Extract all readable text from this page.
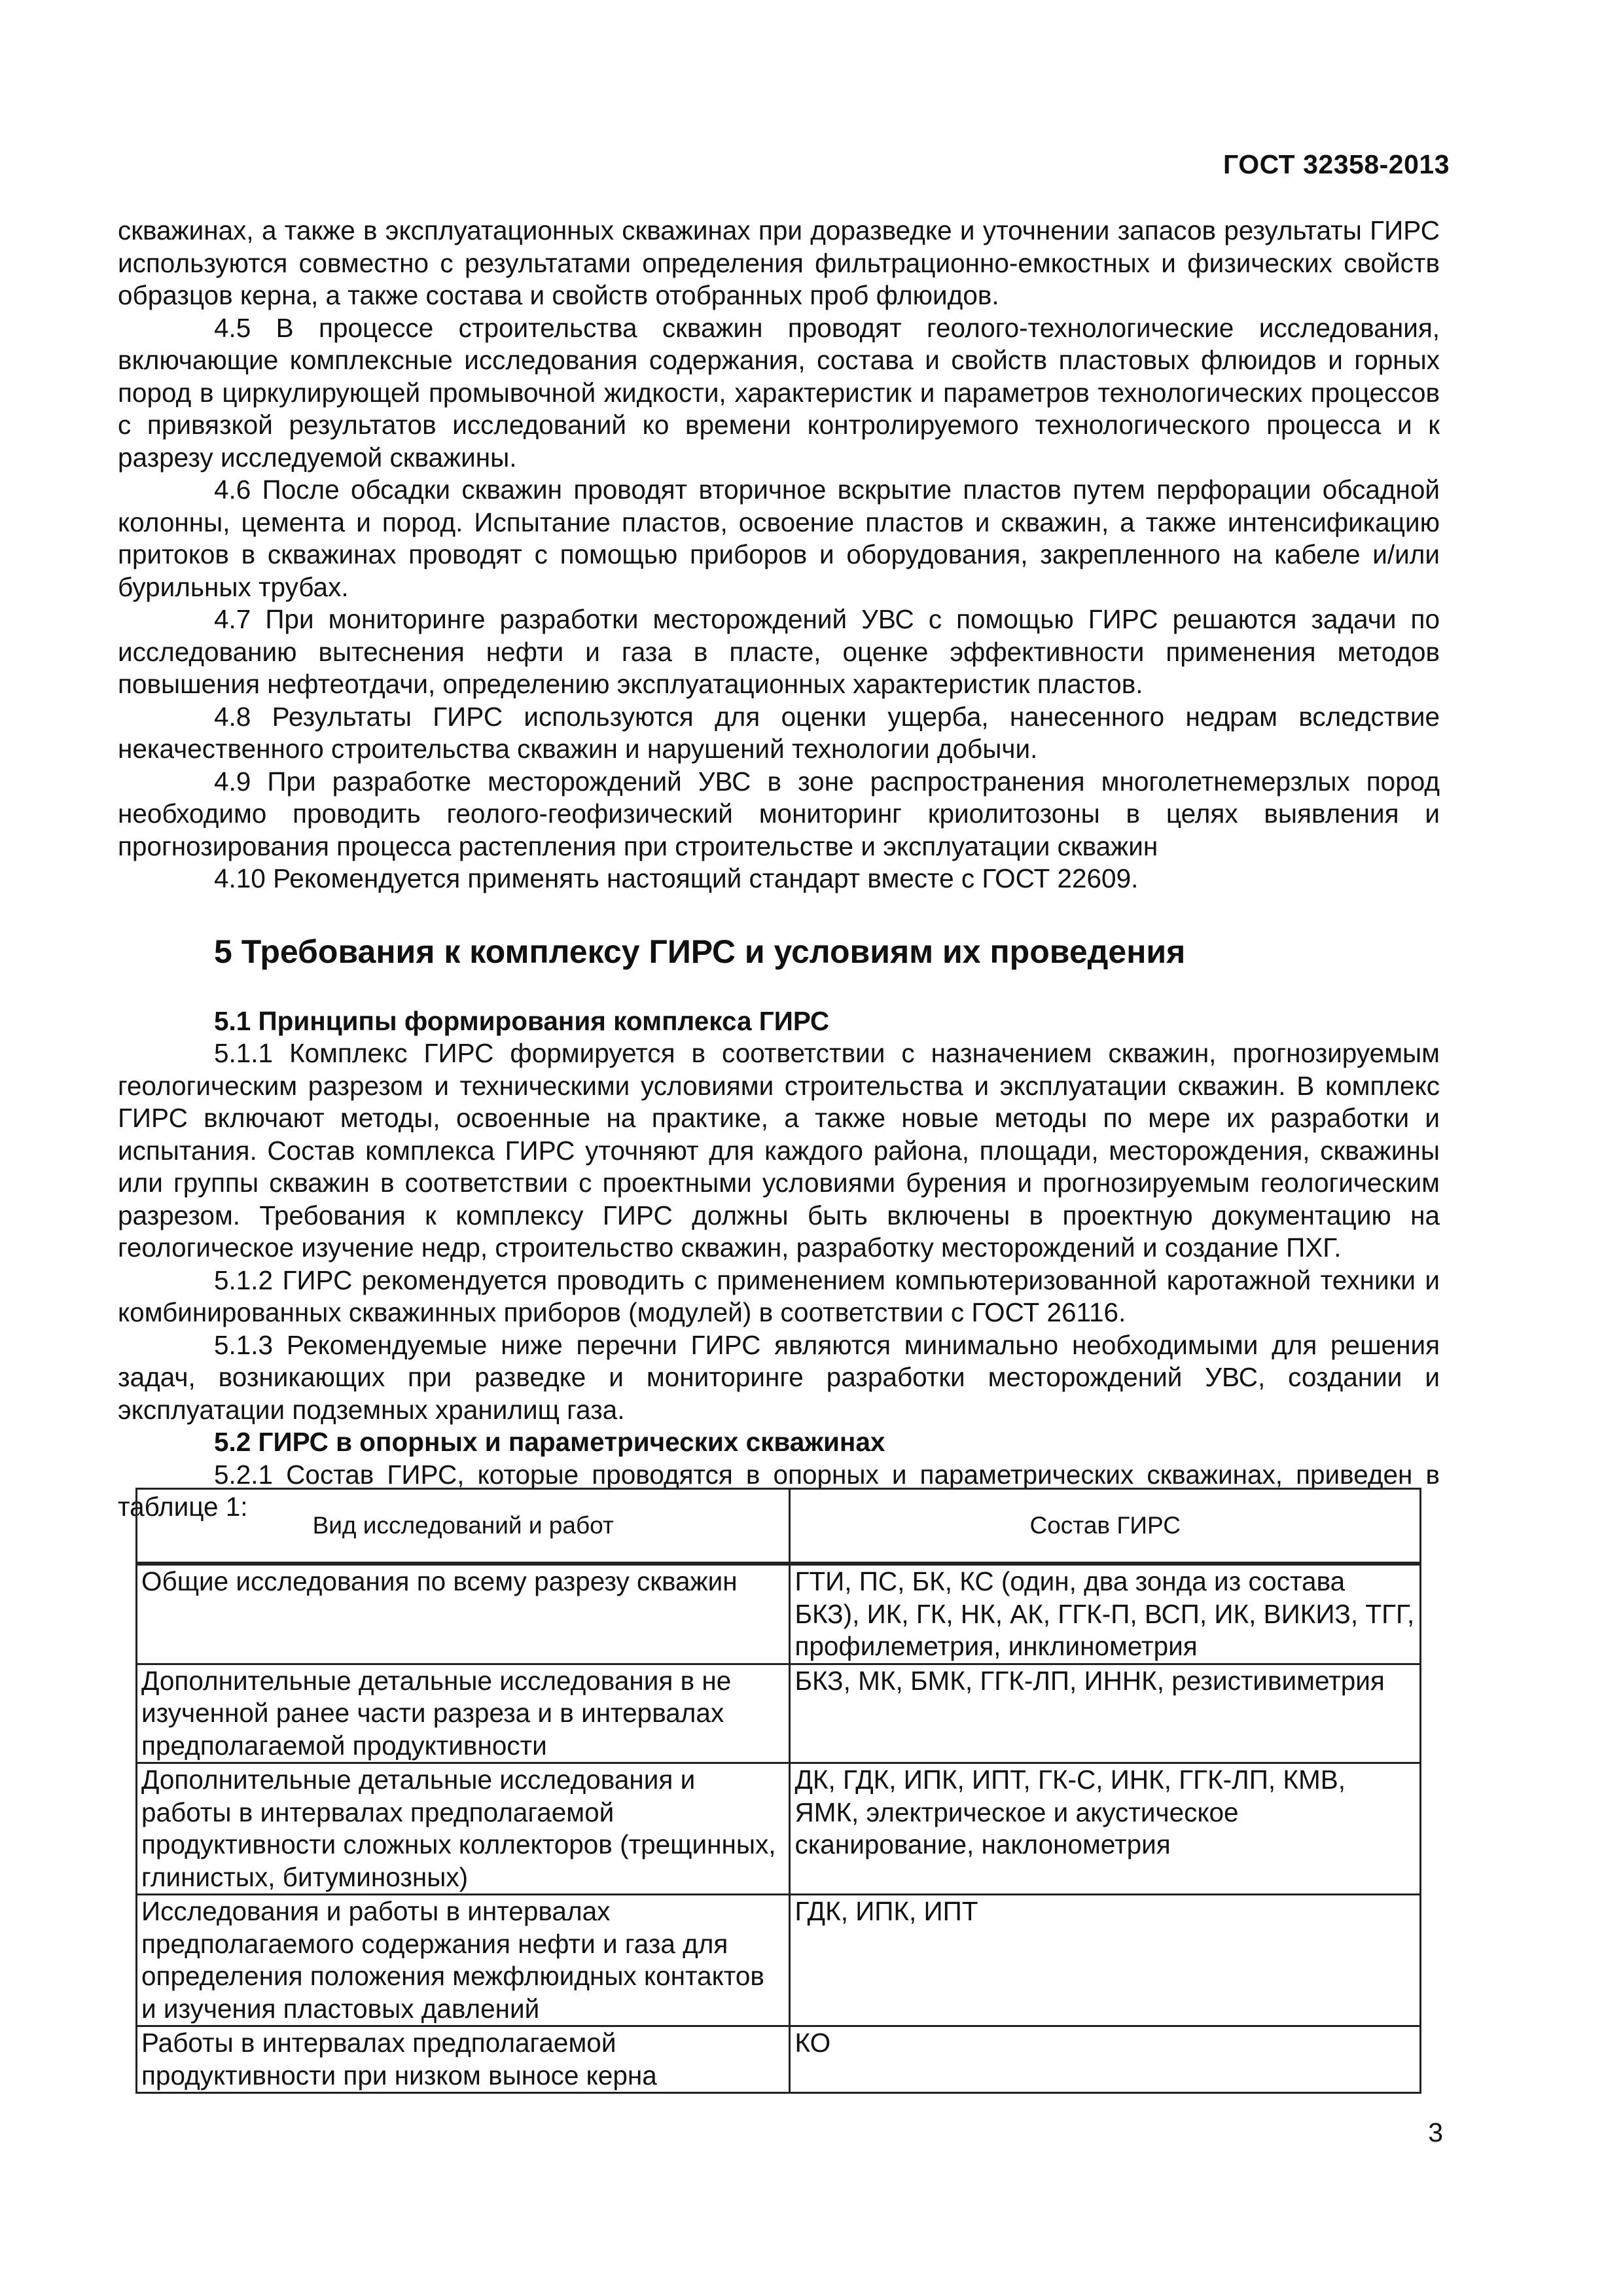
ГОСТ 32358-2013

скважинах, а также в эксплуатационных скважинах при доразведке и уточнении запасов результаты ГИРС используются совместно с результатами определения фильтрационно-емкостных и физических свойств образцов керна, а также состава и свойств отобранных проб флюидов.

4.5 В процессе строительства скважин проводят геолого-технологические исследования, включающие комплексные исследования содержания, состава и свойств пластовых флюидов и горных пород в циркулирующей промывочной жидкости, характеристик и параметров технологических процессов с привязкой результатов исследований ко времени контролируемого технологического процесса и к разрезу исследуемой скважины.

4.6 После обсадки скважин проводят вторичное вскрытие пластов путем перфорации обсадной колонны, цемента и пород. Испытание пластов, освоение пластов и скважин, а также интенсификацию притоков в скважинах проводят с помощью приборов и оборудования, закрепленного на кабеле и/или бурильных трубах.

4.7 При мониторинге разработки месторождений УВС с помощью ГИРС решаются задачи по исследованию вытеснения нефти и газа в пласте, оценке эффективности применения методов повышения нефтеотдачи, определению эксплуатационных характеристик пластов.

4.8 Результаты ГИРС используются для оценки ущерба, нанесенного недрам вследствие некачественного строительства скважин и нарушений технологии добычи.

4.9 При разработке месторождений УВС в зоне распространения многолетнемерзлых пород необходимо проводить геолого-геофизический мониторинг криолитозоны в целях выявления и прогнозирования процесса растепления при строительстве и эксплуатации скважин

4.10 Рекомендуется применять настоящий стандарт вместе с ГОСТ 22609.

5 Требования к комплексу ГИРС и условиям их проведения
5.1 Принципы формирования комплекса ГИРС

5.1.1 Комплекс ГИРС формируется в соответствии с назначением скважин, прогнозируемым геологическим разрезом и техническими условиями строительства и эксплуатации скважин. В комплекс ГИРС включают методы, освоенные на практике, а также новые методы по мере их разработки и испытания. Состав комплекса ГИРС уточняют для каждого района, площади, месторождения, скважины или группы скважин в соответствии с проектными условиями бурения и прогнозируемым геологическим разрезом. Требования к комплексу ГИРС должны быть включены в проектную документацию на геологическое изучение недр, строительство скважин, разработку месторождений и создание ПХГ.

5.1.2 ГИРС рекомендуется проводить с применением компьютеризованной каротажной техники и комбинированных скважинных приборов (модулей) в соответствии с ГОСТ 26116.

5.1.3 Рекомендуемые ниже перечни ГИРС являются минимально необходимыми для решения задач, возникающих при разведке и мониторинге разработки месторождений УВС, создании и эксплуатации подземных хранилищ газа.

5.2 ГИРС в опорных и параметрических скважинах

5.2.1 Состав ГИРС, которые проводятся в опорных и параметрических скважинах, приведен в таблице 1:

Вид исследований и работ	Состав ГИРС
Общие исследования по всему разрезу скважин	ГТИ, ПС, БК, КС (один, два зонда из состава БКЗ), ИК, ГК, НК, АК, ГГК-П, ВСП, ИК, ВИКИЗ, ТГГ, профилеметрия, инклинометрия
Дополнительные детальные исследования в не изученной ранее части разреза и в интервалах предполагаемой продуктивности	БКЗ, МК, БМК, ГГК-ЛП, ИННК, резистивиметрия
Дополнительные детальные исследования и работы в интервалах предполагаемой продуктивности сложных коллекторов (трещинных, глинистых, битуминозных)	ДК, ГДК, ИПК, ИПТ, ГК-С, ИНК, ГГК-ЛП, КМВ, ЯМК, электрическое и акустическое сканирование, наклонометрия
Исследования и работы в интервалах предполагаемого содержания нефти и газа для определения положения межфлюидных контактов и изучения пластовых давлений	ГДК, ИПК, ИПТ
Работы в интервалах предполагаемой продуктивности при низком выносе керна	КО
3
